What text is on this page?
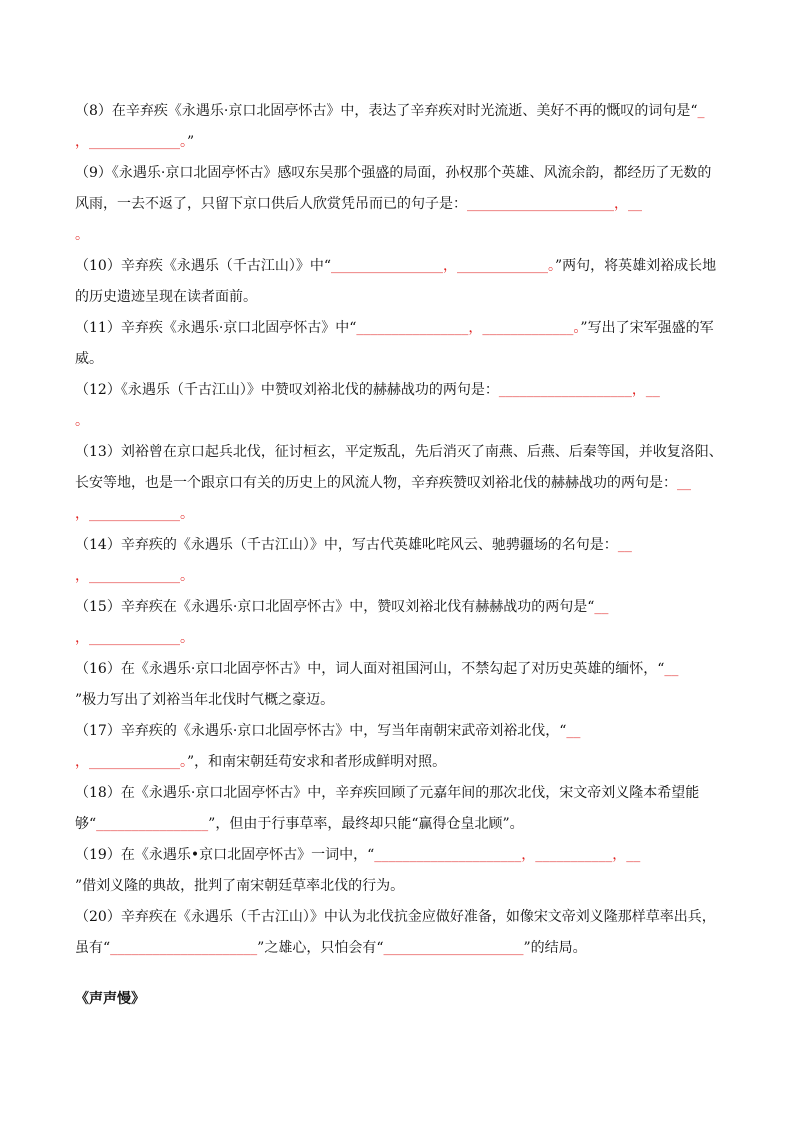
（8）在辛弃疾《永遇乐·京口北固亭怀古》中，表达了辛弃疾对时光流逝、美好不再的慨叹的词句是“_
，_____________。”

（9）《永遇乐·京口北固亭怀古》感叹东吴那个强盛的局面，孙权那个英雄、风流余韵，都经历了无数的风雨，一去不返了，只留下京口供后人欣赏凭吊而已的句子是：_____________________，__
。

（10）辛弃疾《永遇乐（千古江山）》中“________________，_____________。”两句，将英雄刘裕成长地的历史遗迹呈现在读者面前。

（11）辛弃疾《永遇乐·京口北固亭怀古》中“________________，_____________。”写出了宋军强盛的军威。

（12）《永遇乐（千古江山）》中赞叹刘裕北伐的赫赫战功的两句是：___________________，__
。

（13）刘裕曾在京口起兵北伐，征讨桓玄，平定叛乱，先后消灭了南燕、后燕、后秦等国，并收复洛阳、长安等地，也是一个跟京口有关的历史上的风流人物，辛弃疾赞叹刘裕北伐的赫赫战功的两句是：__
，_____________。

（14）辛弃疾的《永遇乐（千古江山）》中，写古代英雄叱咤风云、驰骋疆场的名句是：__
，_____________。

（15）辛弃疾在《永遇乐·京口北固亭怀古》中，赞叹刘裕北伐有赫赫战功的两句是“__
，_____________。

（16）在《永遇乐·京口北固亭怀古》中，词人面对祖国河山，不禁勾起了对历史英雄的缅怀，“__
”极力写出了刘裕当年北伐时气概之豪迈。

（17）辛弃疾的《永遇乐·京口北固亭怀古》中，写当年南朝宋武帝刘裕北伐，“__
，_____________。”，和南宋朝廷苟安求和者形成鲜明对照。

（18）在《永遇乐·京口北固亭怀古》中，辛弃疾回顾了元嘉年间的那次北伐，宋文帝刘义隆本希望能够“________________”，但由于行事草率，最终却只能“赢得仓皇北顾”。

（19）在《永遇乐•京口北固亭怀古》一词中，“_____________________，___________，__
”借刘义隆的典故，批判了南宋朝廷草率北伐的行为。

（20）辛弃疾在《永遇乐（千古江山）》中认为北伐抗金应做好准备，如像宋文帝刘义隆那样草率出兵，虽有“_____________________”之雄心，只怕会有“____________________”的结局。

《声声慢》
